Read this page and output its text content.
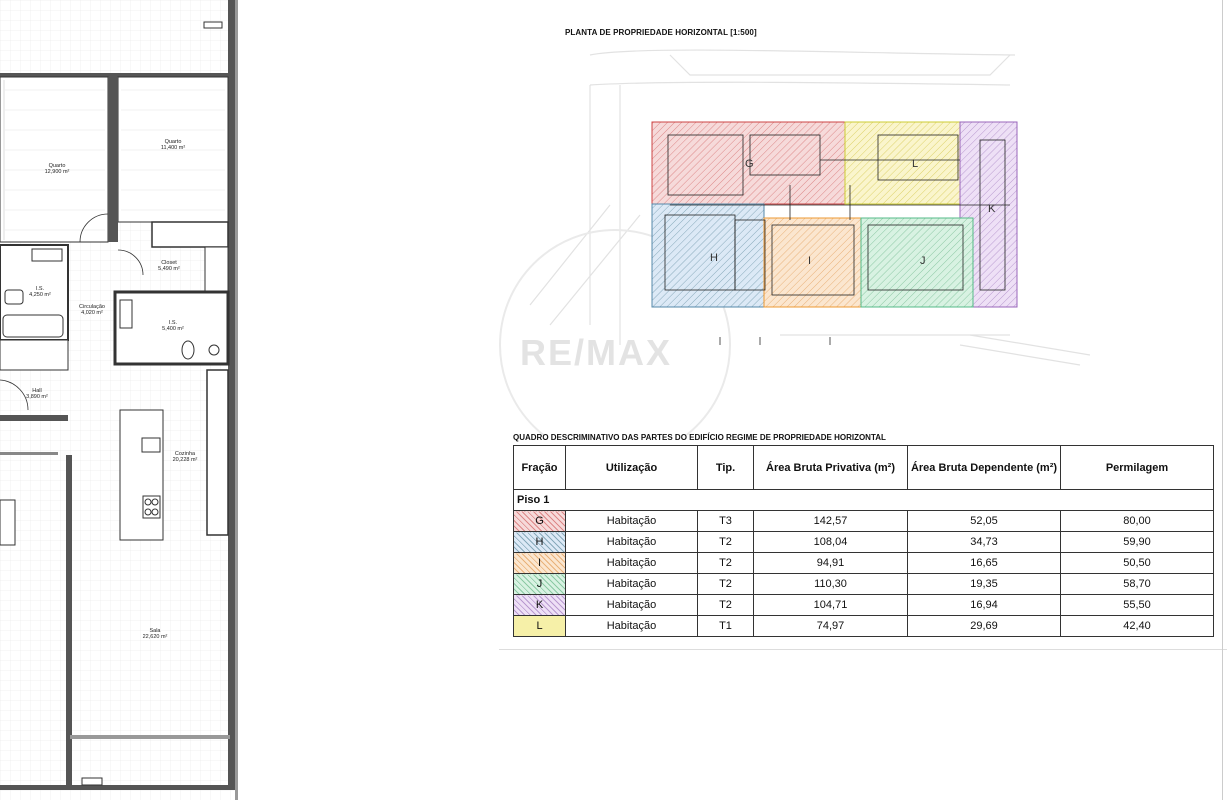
Quarto
12,900 m²
Quarto
11,400 m²
Closet
5,490 m²
I.S.
4,250 m²
Circulação
4,020 m²
I.S.
5,400 m²
Hall
3,890 m²
Cozinha
20,228 m²
Sala
22,620 m²
PLANTA DE PROPRIEDADE HORIZONTAL [1:500]
G
H	I	J
K
L
RE/MAX
QUADRO DESCRIMINATIVO DAS PARTES DO EDIFÍCIO REGIME DE PROPRIEDADE HORIZONTAL
Fração	Utilização	Tip.	Área Bruta Privativa (m²)	Área Bruta Dependente (m²)	Permilagem
Piso 1					

G	Habitação	T3	142,57	52,05	80,00

H	Habitação	T2	108,04	34,73	59,90

I	Habitação	T2	94,91	16,65	50,50

J	Habitação	T2	110,30	19,35	58,70

K	Habitação	T2	104,71	16,94	55,50

L	Habitação	T1	74,97	29,69	42,40
